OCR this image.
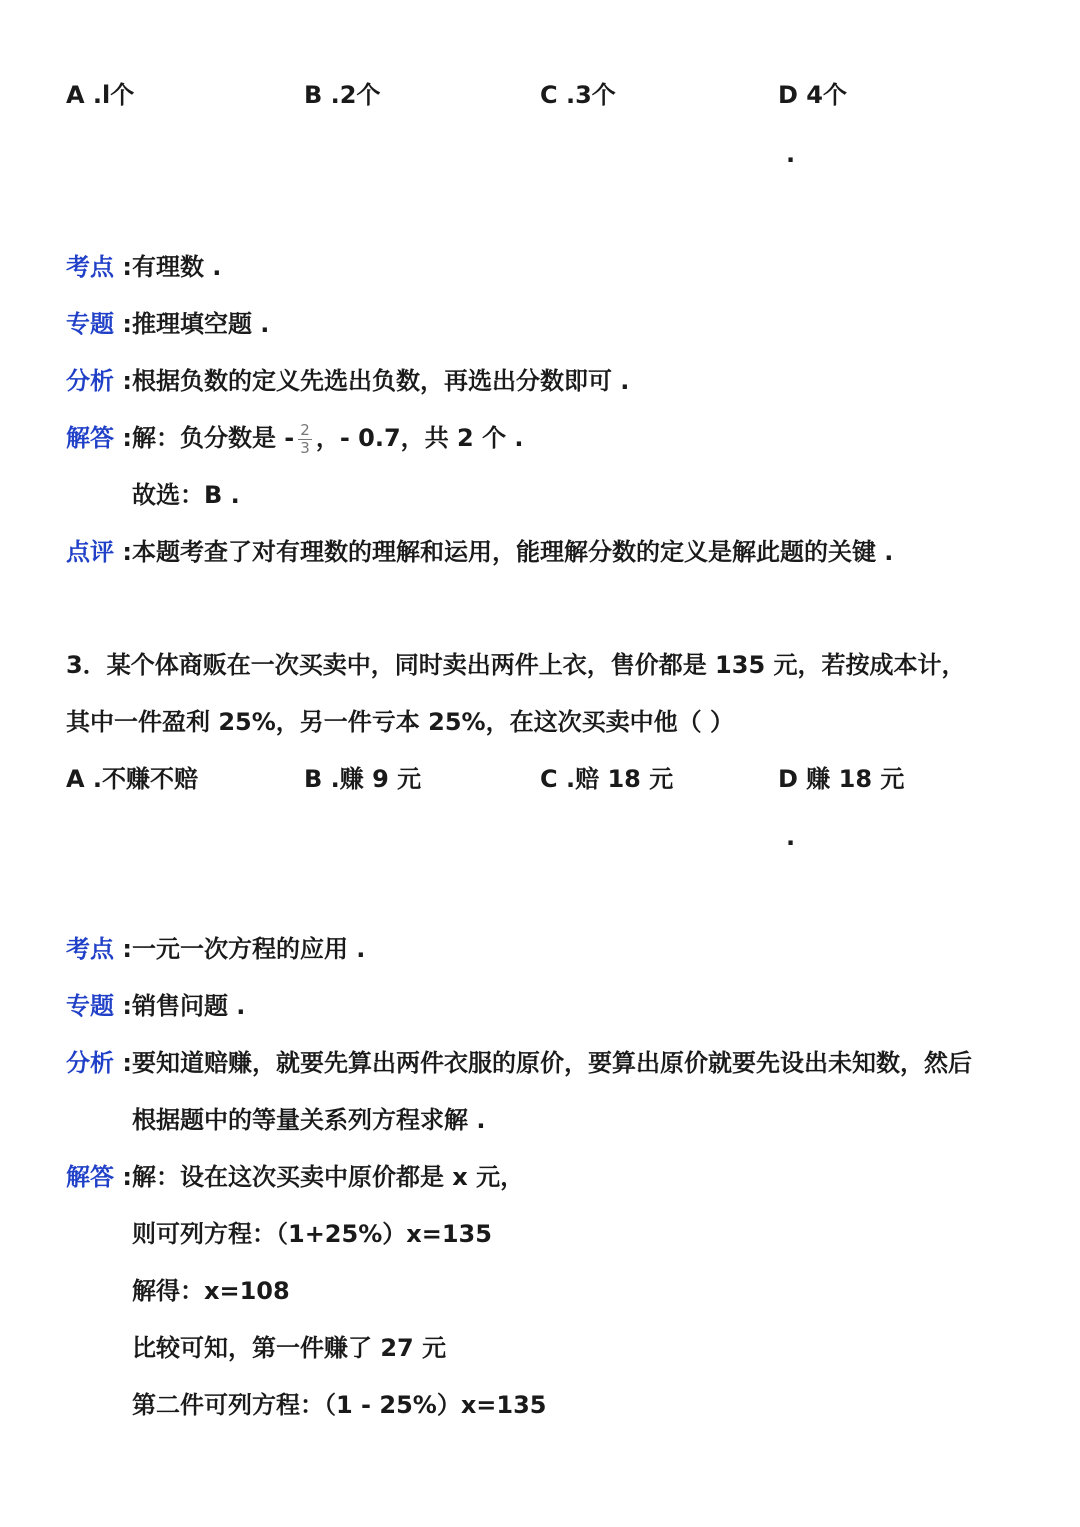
A .l个	B .2个	C .3个	D 4个
.
考点 :有理数 .
专题 :推理填空题 .
分析 :根据负数的定义先选出负数，再选出分数即可 .
解答 :解：负分数是 - $\frac{2}{3}$ ，- 0.7，共 2 个 .
故选：B .
点评 :本题考查了对有理数的理解和运用，能理解分数的定义是解此题的关键 .
3．某个体商贩在一次买卖中，同时卖出两件上衣，售价都是 135 元，若按成本计，
其中一件盈利 25%，另一件亏本 25%，在这次买卖中他（ ）
A .不赚不赔	B .赚 9 元	C .赔 18 元	D 赚 18 元
.
考点 :一元一次方程的应用 .
专题 :销售问题 .
分析 :要知道赔赚，就要先算出两件衣服的原价，要算出原价就要先设出未知数，然后
根据题中的等量关系列方程求解 .
解答 :解：设在这次买卖中原价都是 x 元，
则可列方程：（1+25%）x=135
解得：x=108
比较可知，第一件赚了 27 元
第二件可列方程：（1 - 25%）x=135
